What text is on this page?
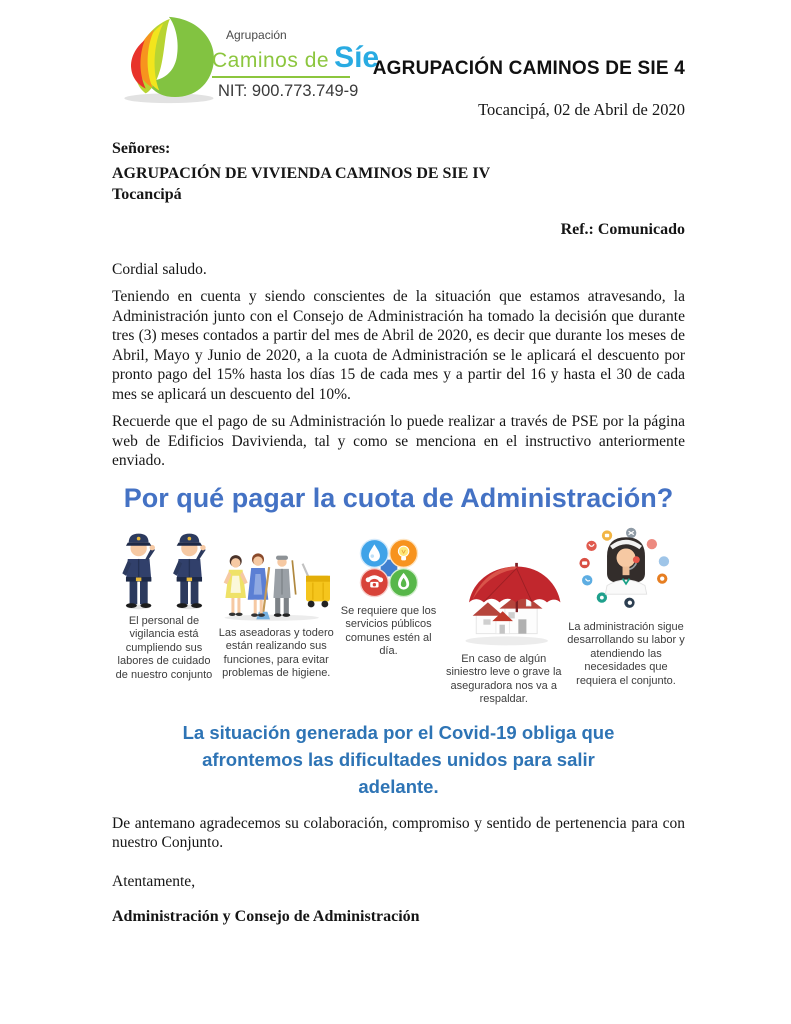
Agrupación
Caminos de Síe
NIT: 900.773.749-9
AGRUPACIÓN CAMINOS DE SIE 4
Tocancipá, 02 de Abril de 2020
Señores:
AGRUPACIÓN DE VIVIENDA CAMINOS DE SIE IV
Tocancipá
Ref.: Comunicado
Cordial saludo.

Teniendo en cuenta y siendo conscientes de la situación que estamos atravesando, la Administración junto con el Consejo de Administración ha tomado la decisión que durante tres (3) meses contados a partir del mes de Abril de 2020, es decir que durante los meses de Abril, Mayo y Junio de 2020, a la cuota de Administración se le aplicará el descuento por pronto pago del 15% hasta los días 15 de cada mes y a partir del 16 y hasta el 30 de cada mes se aplicará un descuento del 10%.

Recuerde que el pago de su Administración lo puede realizar a través de PSE por la página web de Edificios Davivienda, tal y como se menciona en el instructivo anteriormente enviado.

Por qué pagar la cuota de Administración?
El personal de vigilancia está cumpliendo sus labores de cuidado de nuestro conjunto
Las aseadoras y todero están realizando sus funciones, para evitar problemas de higiene.
Se requiere que los servicios públicos comunes estén al día.
En caso de algún siniestro leve o grave la aseguradora nos va a respaldar.
La administración sigue desarrollando su labor y atendiendo las necesidades que requiera el conjunto.
La situación generada por el Covid-19 obliga que afrontemos las dificultades unidos para salir adelante.

De antemano agradecemos su colaboración, compromiso y sentido de pertenencia para con nuestro Conjunto.

Atentamente,
Administración y Consejo de Administración
